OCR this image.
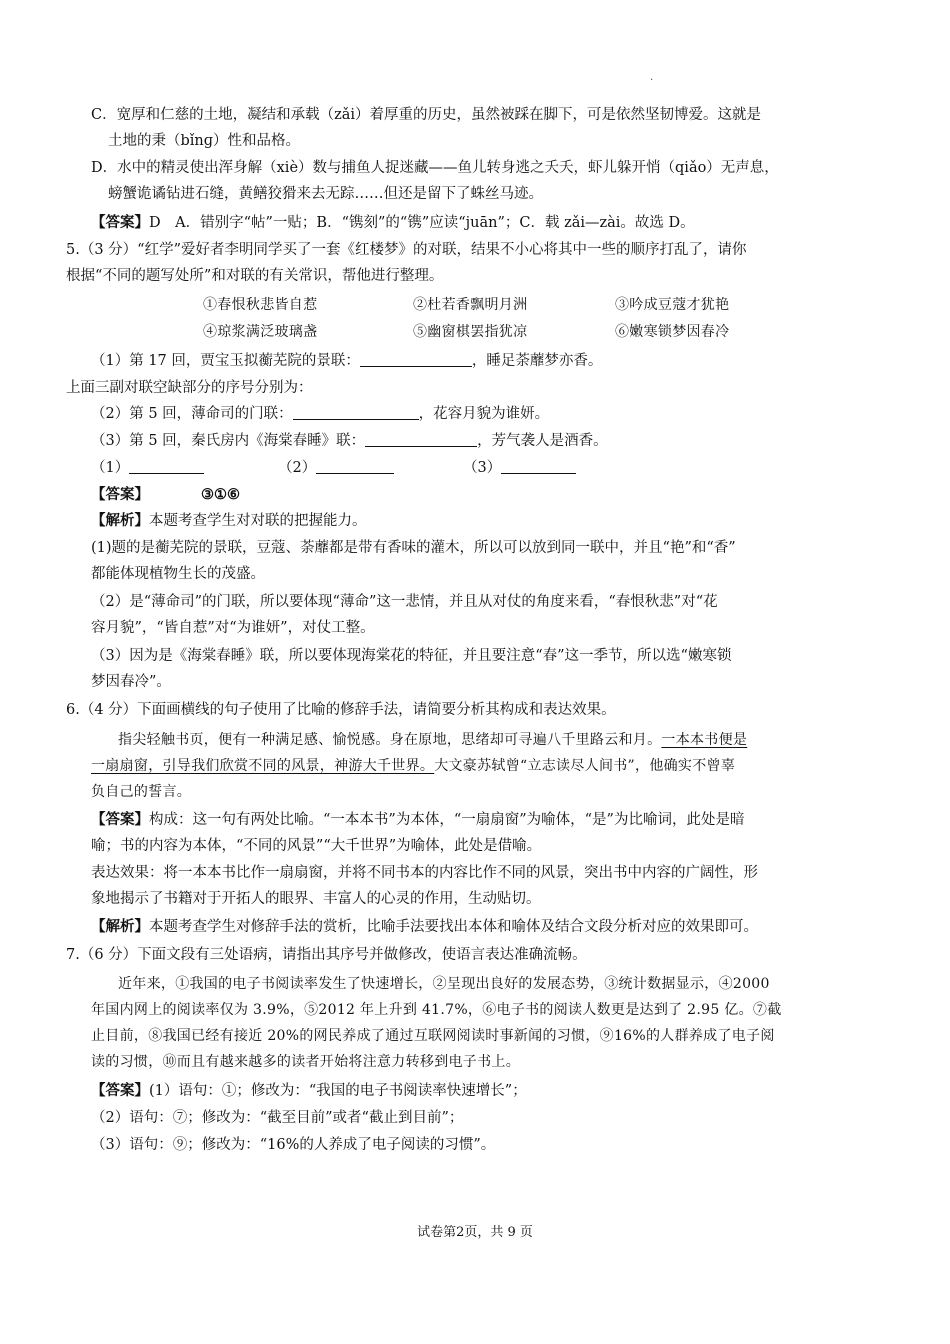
.
C．宽厚和仁慈的土地，凝结和承载（zǎi）着厚重的历史，虽然被踩在脚下，可是依然坚韧博爱。这就是
土地的秉（bǐnɡ）性和品格。
D．水中的精灵使出浑身解（xiè）数与捕鱼人捉迷藏——鱼儿转身逃之夭夭，虾儿躲开悄（qiǎo）无声息，
螃蟹诡谲钻进石缝，黄鳝狡猾来去无踪……但还是留下了蛛丝马迹。
【答案】D　A．错别字“帖”一贴；B．“镌刻”的“镌”应读“juān”；C．载 zǎi—zài。故选 D。
5.（3 分）“红学”爱好者李明同学买了一套《红楼梦》的对联，结果不小心将其中一些的顺序打乱了，请你
根据“不同的题写处所”和对联的有关常识，帮他进行整理。
①春恨秋悲皆自惹	②杜若香飘明月洲	③吟成豆蔻才犹艳
④琼浆满泛玻璃盏	⑤幽窗棋罢指犹凉	⑥嫩寒锁梦因春冷
（1）第 17 回，贾宝玉拟蘅芜院的景联：	，睡足荼蘼梦亦香。
上面三副对联空缺部分的序号分别为：
（2）第 5 回，薄命司的门联：	，花容月貌为谁妍。
（3）第 5 回，秦氏房内《海棠春睡》联：	，芳气袭人是酒香。
（1）	（2）	（3）
【答案】	③①⑥
【解析】本题考查学生对对联的把握能力。
(1)题的是蘅芜院的景联，豆蔻、荼蘼都是带有香味的灌木，所以可以放到同一联中，并且“艳”和“香”
都能体现植物生长的茂盛。
（2）是“薄命司”的门联，所以要体现“薄命”这一悲情，并且从对仗的角度来看，“春恨秋悲”对“花
容月貌”，“皆自惹”对“为谁妍”，对仗工整。
（3）因为是《海棠春睡》联，所以要体现海棠花的特征，并且要注意“春”这一季节，所以选“嫩寒锁
梦因春冷”。
6.（4 分）下面画横线的句子使用了比喻的修辞手法，请简要分析其构成和表达效果。
指尖轻触书页，便有一种满足感、愉悦感。身在原地，思绪却可寻遍八千里路云和月。一本本书便是
一扇扇窗，引导我们欣赏不同的风景，神游大千世界。大文豪苏轼曾“立志读尽人间书”，他确实不曾辜
负自己的誓言。
【答案】构成：这一句有两处比喻。“一本本书”为本体，“一扇扇窗”为喻体，“是”为比喻词，此处是暗
喻；书的内容为本体，“不同的风景”“大千世界”为喻体，此处是借喻。
表达效果：将一本本书比作一扇扇窗，并将不同书本的内容比作不同的风景，突出书中内容的广阔性，形
象地揭示了书籍对于开拓人的眼界、丰富人的心灵的作用，生动贴切。
【解析】本题考查学生对修辞手法的赏析，比喻手法要找出本体和喻体及结合文段分析对应的效果即可。
7.（6 分）下面文段有三处语病，请指出其序号并做修改，使语言表达准确流畅。
近年来，①我国的电子书阅读率发生了快速增长，②呈现出良好的发展态势，③统计数据显示，④2000
年国内网上的阅读率仅为 3.9%，⑤2012 年上升到 41.7%，⑥电子书的阅读人数更是达到了 2.95 亿。⑦截
止目前，⑧我国已经有接近 20%的网民养成了通过互联网阅读时事新闻的习惯，⑨16%的人群养成了电子阅
读的习惯，⑩而且有越来越多的读者开始将注意力转移到电子书上。
【答案】(1）语句：①；修改为：“我国的电子书阅读率快速增长”；
（2）语句：⑦；修改为：“截至目前”或者“截止到目前”；
（3）语句：⑨；修改为：“16%的人养成了电子阅读的习惯”。
试卷第2页，共 9 页
